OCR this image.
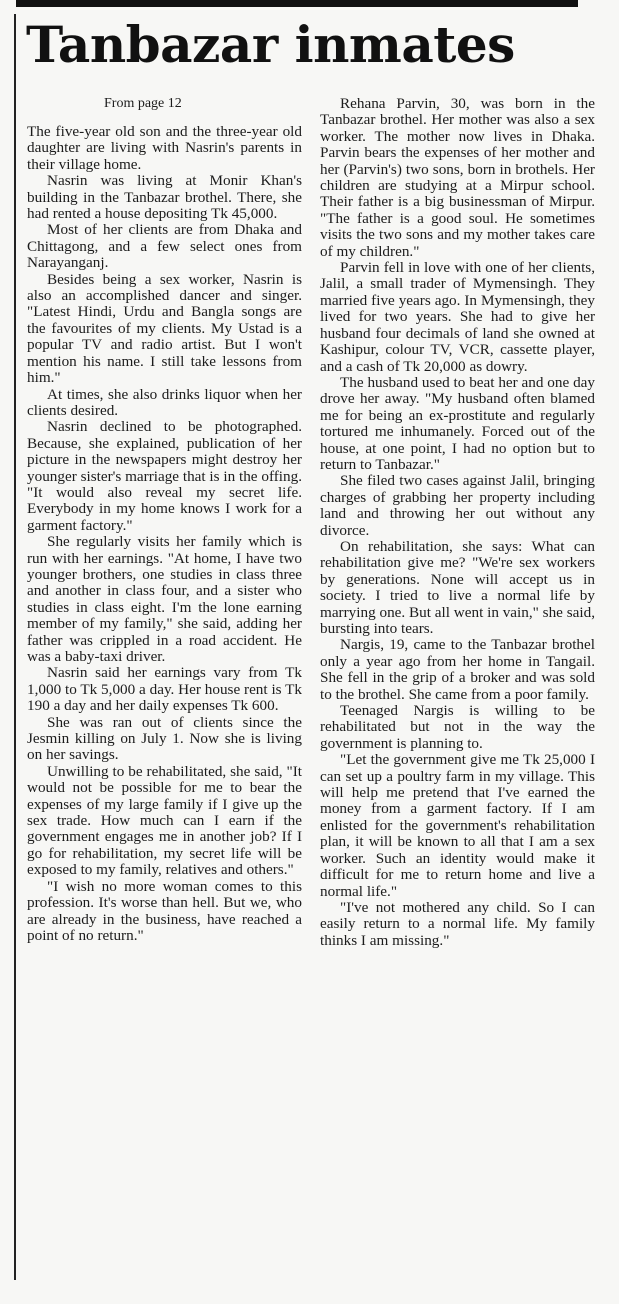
Tanbazar inmates
From page 12

The five-year old son and the three-year old daughter are living with Nasrin's parents in their village home.

Nasrin was living at Monir Khan's building in the Tanbazar brothel. There, she had rented a house depositing Tk 45,000.

Most of her clients are from Dhaka and Chittagong, and a few select ones from Narayanganj.

Besides being a sex worker, Nasrin is also an accomplished dancer and singer. "Latest Hindi, Urdu and Bangla songs are the favourites of my clients. My Ustad is a popular TV and radio artist. But I won't mention his name. I still take lessons from him."

At times, she also drinks liquor when her clients desired.

Nasrin declined to be photographed. Because, she explained, publication of her picture in the newspapers might destroy her younger sister's marriage that is in the offing. "It would also reveal my secret life. Everybody in my home knows I work for a garment factory."

She regularly visits her family which is run with her earnings. "At home, I have two younger brothers, one studies in class three and another in class four, and a sister who studies in class eight. I'm the lone earning member of my family," she said, adding her father was crippled in a road accident. He was a baby-taxi driver.

Nasrin said her earnings vary from Tk 1,000 to Tk 5,000 a day. Her house rent is Tk 190 a day and her daily expenses Tk 600.

She was ran out of clients since the Jesmin killing on July 1. Now she is living on her savings.

Unwilling to be rehabilitated, she said, "It would not be possible for me to bear the expenses of my large family if I give up the sex trade. How much can I earn if the government engages me in another job? If I go for rehabilitation, my secret life will be exposed to my family, relatives and others."

"I wish no more woman comes to this profession. It's worse than hell. But we, who are already in the business, have reached a point of no return."

Rehana Parvin, 30, was born in the Tanbazar brothel. Her mother was also a sex worker. The mother now lives in Dhaka. Parvin bears the expenses of her mother and her (Parvin's) two sons, born in brothels. Her children are studying at a Mirpur school. Their father is a big businessman of Mirpur. "The father is a good soul. He sometimes visits the two sons and my mother takes care of my children."

Parvin fell in love with one of her clients, Jalil, a small trader of Mymensingh. They married five years ago. In Mymensingh, they lived for two years. She had to give her husband four decimals of land she owned at Kashipur, colour TV, VCR, cassette player, and a cash of Tk 20,000 as dowry.

The husband used to beat her and one day drove her away. "My husband often blamed me for being an ex-prostitute and regularly tortured me inhumanely. Forced out of the house, at one point, I had no option but to return to Tanbazar."

She filed two cases against Jalil, bringing charges of grabbing her property including land and throwing her out without any divorce.

On rehabilitation, she says: What can rehabilitation give me? "We're sex workers by generations. None will accept us in society. I tried to live a normal life by marrying one. But all went in vain," she said, bursting into tears.

Nargis, 19, came to the Tanbazar brothel only a year ago from her home in Tangail. She fell in the grip of a broker and was sold to the brothel. She came from a poor family.

Teenaged Nargis is willing to be rehabilitated but not in the way the government is planning to.

"Let the government give me Tk 25,000 I can set up a poultry farm in my village. This will help me pretend that I've earned the money from a garment factory. If I am enlisted for the government's rehabilitation plan, it will be known to all that I am a sex worker. Such an identity would make it difficult for me to return home and live a normal life."

"I've not mothered any child. So I can easily return to a normal life. My family thinks I am missing."
